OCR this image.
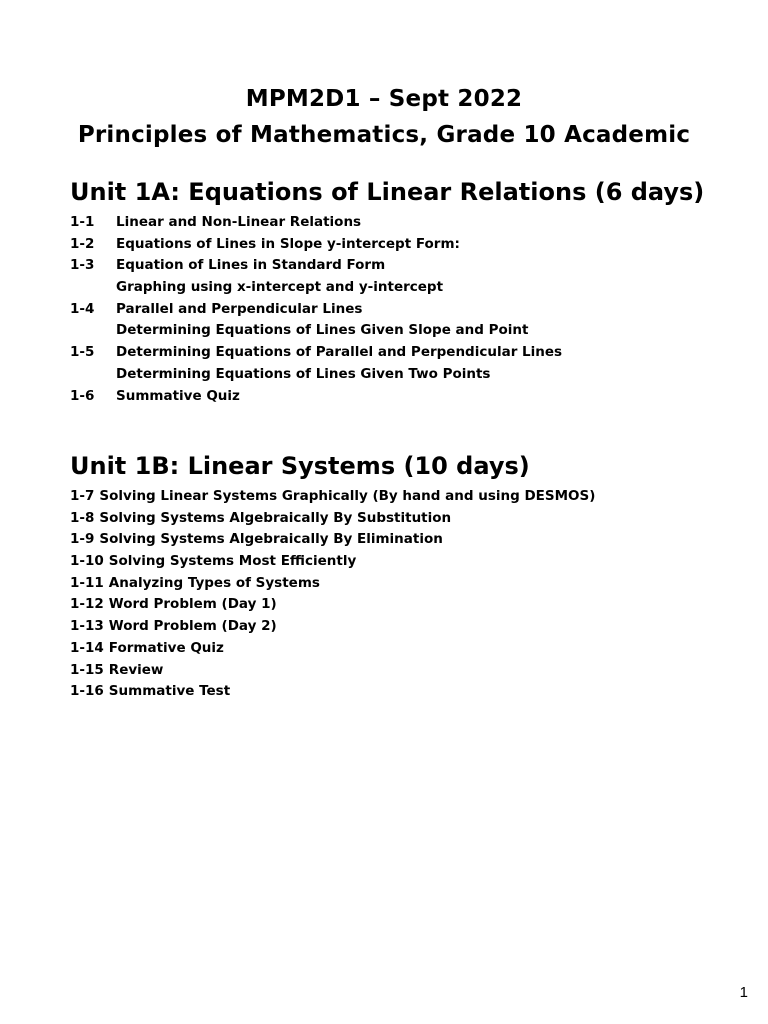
MPM2D1 – Sept 2022
Principles of Mathematics, Grade 10 Academic
Unit 1A: Equations of Linear Relations (6 days)
1-1 Linear and Non-Linear Relations
1-2 Equations of Lines in Slope y-intercept Form:
1-3 Equation of Lines in Standard Form
Graphing using x-intercept and y-intercept
1-4 Parallel and Perpendicular Lines
Determining Equations of Lines Given Slope and Point
1-5 Determining Equations of Parallel and Perpendicular Lines
Determining Equations of Lines Given Two Points
1-6 Summative Quiz
Unit 1B: Linear Systems (10 days)
1-7 Solving Linear Systems Graphically (By hand and using DESMOS)
1-8 Solving Systems Algebraically By Substitution
1-9 Solving Systems Algebraically By Elimination
1-10 Solving Systems Most Efficiently
1-11 Analyzing Types of Systems
1-12 Word Problem (Day 1)
1-13 Word Problem (Day 2)
1-14 Formative Quiz
1-15 Review
1-16 Summative Test
1
